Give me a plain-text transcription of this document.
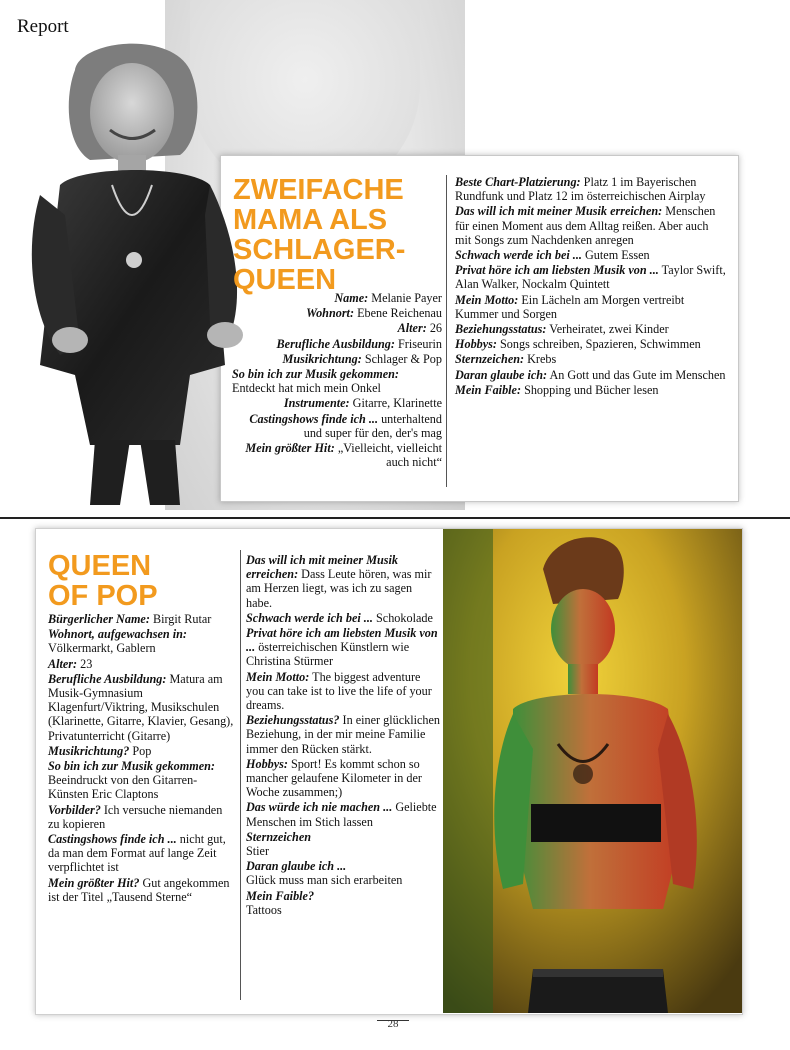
Report
ZWEIFACHE
MAMA ALS
SCHLAGER-
QUEEN

Name: Melanie Payer

Wohnort: Ebene Reichenau

Alter: 26

Berufliche Ausbildung: Friseurin

Musikrichtung: Schlager & Pop

So bin ich zur Musik gekommen: Entdeckt hat mich mein Onkel

Instrumente: Gitarre, Klarinette

Castingshows finde ich ... unterhaltend und super für den, der's mag

Mein größter Hit: „Vielleicht, vielleicht auch nicht“

Beste Chart-Platzierung: Platz 1 im Bayerischen Rundfunk und Platz 12 im österreichischen Airplay

Das will ich mit meiner Musik erreichen: Menschen für einen Moment aus dem Alltag reißen. Aber auch mit Songs zum Nachdenken anregen

Schwach werde ich bei ... Gutem Essen

Privat höre ich am liebsten Musik von ... Taylor Swift, Alan Walker, Nockalm Quintett

Mein Motto: Ein Lächeln am Morgen vertreibt Kummer und Sorgen

Beziehungsstatus: Verheiratet, zwei Kinder

Hobbys: Songs schreiben, Spazieren, Schwimmen

Sternzeichen: Krebs

Daran glaube ich: An Gott und das Gute im Menschen

Mein Faible: Shopping und Bücher lesen

QUEEN
OF POP

Bürgerlicher Name: Birgit Rutar

Wohnort, aufgewachsen in: Völkermarkt, Gablern

Alter: 23

Berufliche Ausbildung: Matura am Musik-Gymnasium Klagenfurt/Viktring, Musikschulen (Klarinette, Gitarre, Klavier, Gesang), Privatunterricht (Gitarre)

Musikrichtung? Pop

So bin ich zur Musik gekommen: Beeindruckt von den Gitarren-Künsten Eric Claptons

Vorbilder? Ich versuche niemanden zu kopieren

Castingshows finde ich ... nicht gut, da man dem Format auf lange Zeit verpflichtet ist

Mein größter Hit? Gut angekommen ist der Titel „Tausend Sterne“

Das will ich mit meiner Musik erreichen: Dass Leute hören, was mir am Herzen liegt, was ich zu sagen habe.

Schwach werde ich bei ... Schokolade

Privat höre ich am liebsten Musik von ... österreichischen Künstlern wie Christina Stürmer

Mein Motto: The biggest adventure you can take ist to live the life of your dreams.

Beziehungsstatus? In einer glücklichen Beziehung, in der mir meine Familie immer den Rücken stärkt.

Hobbys: Sport! Es kommt schon so mancher gelaufene Kilometer in der Woche zusammen;)

Das würde ich nie machen ... Geliebte Menschen im Stich lassen

Sternzeichen
Stier

Daran glaube ich ...
Glück muss man sich erarbeiten

Mein Faible?
Tattoos

28
